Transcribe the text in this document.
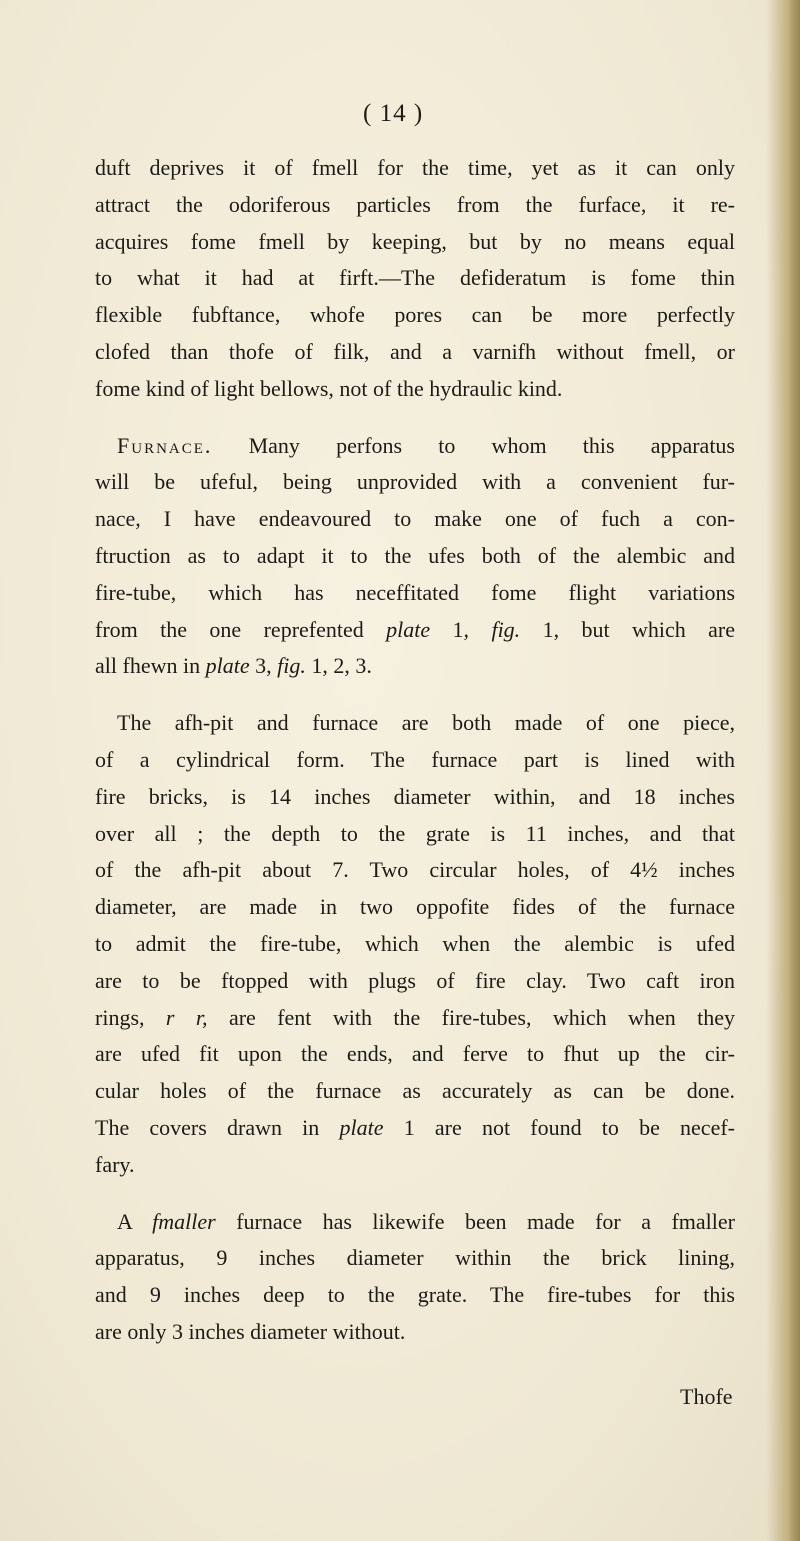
( 14 )
duft deprives it of fmell for the time, yet as it can only
attract the odoriferous particles from the furface, it re-
acquires fome fmell by keeping, but by no means equal
to what it had at firft.—The defideratum is fome thin
flexible fubftance, whofe pores can be more perfectly
clofed than thofe of filk, and a varnifh without fmell, or
fome kind of light bellows, not of the hydraulic kind.
Furnace. Many perfons to whom this apparatus
will be ufeful, being unprovided with a convenient fur-
nace, I have endeavoured to make one of fuch a con-
ftruction as to adapt it to the ufes both of the alembic and
fire-tube, which has neceffitated fome flight variations
from the one reprefented plate 1, fig. 1, but which are
all fhewn in plate 3, fig. 1, 2, 3.
The afh-pit and furnace are both made of one piece,
of a cylindrical form. The furnace part is lined with
fire bricks, is 14 inches diameter within, and 18 inches
over all ; the depth to the grate is 11 inches, and that
of the afh-pit about 7. Two circular holes, of 4½ inches
diameter, are made in two oppofite fides of the furnace
to admit the fire-tube, which when the alembic is ufed
are to be ftopped with plugs of fire clay. Two caft iron
rings, r r, are fent with the fire-tubes, which when they
are ufed fit upon the ends, and ferve to fhut up the cir-
cular holes of the furnace as accurately as can be done.
The covers drawn in plate 1 are not found to be necef-
fary.
A fmaller furnace has likewife been made for a fmaller
apparatus, 9 inches diameter within the brick lining,
and 9 inches deep to the grate. The fire-tubes for this
are only 3 inches diameter without.
Thofe
